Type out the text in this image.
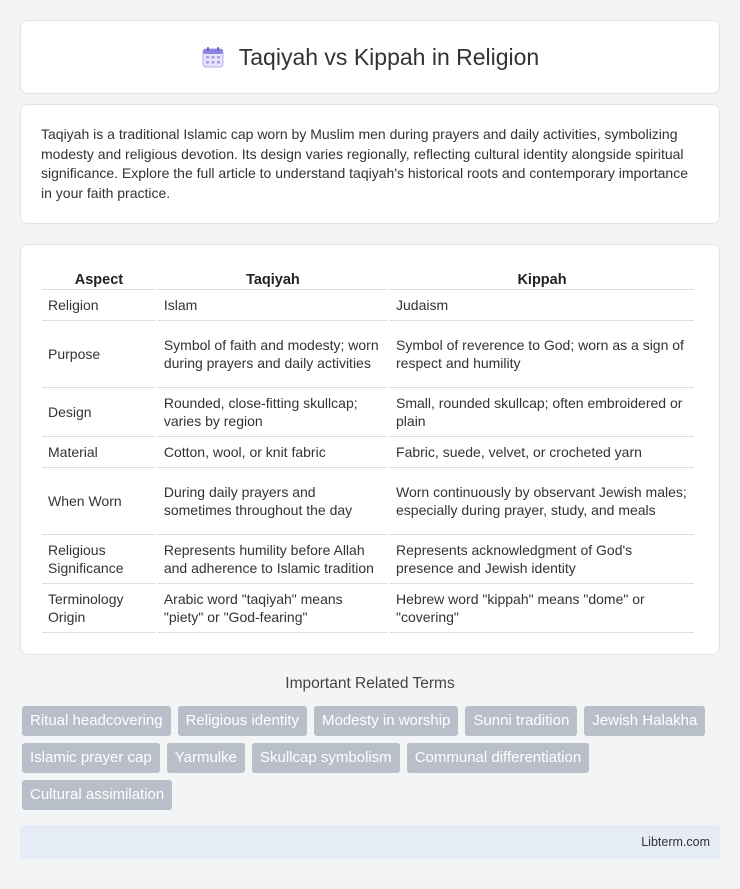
Taqiyah vs Kippah in Religion

Taqiyah is a traditional Islamic cap worn by Muslim men during prayers and daily activities, symbolizing modesty and religious devotion. Its design varies regionally, reflecting cultural identity alongside spiritual significance. Explore the full article to understand taqiyah's historical roots and contemporary importance in your faith practice.

Aspect	Taqiyah	Kippah
Religion	Islam	Judaism
Purpose	Symbol of faith and modesty; worn during prayers and daily activities	Symbol of reverence to God; worn as a sign of respect and humility
Design	Rounded, close-fitting skullcap; varies by region	Small, rounded skullcap; often embroidered or plain
Material	Cotton, wool, or knit fabric	Fabric, suede, velvet, or crocheted yarn
When Worn	During daily prayers and sometimes throughout the day	Worn continuously by observant Jewish males; especially during prayer, study, and meals
Religious Significance	Represents humility before Allah and adherence to Islamic tradition	Represents acknowledgment of God's presence and Jewish identity
Terminology Origin	Arabic word "taqiyah" means "piety" or "God-fearing"	Hebrew word "kippah" means "dome" or "covering"
Important Related Terms
Ritual headcovering	Religious identity	Modesty in worship	Sunni tradition	Jewish Halakha
Islamic prayer cap	Yarmulke	Skullcap symbolism	Communal differentiation
Cultural assimilation
Libterm.com
